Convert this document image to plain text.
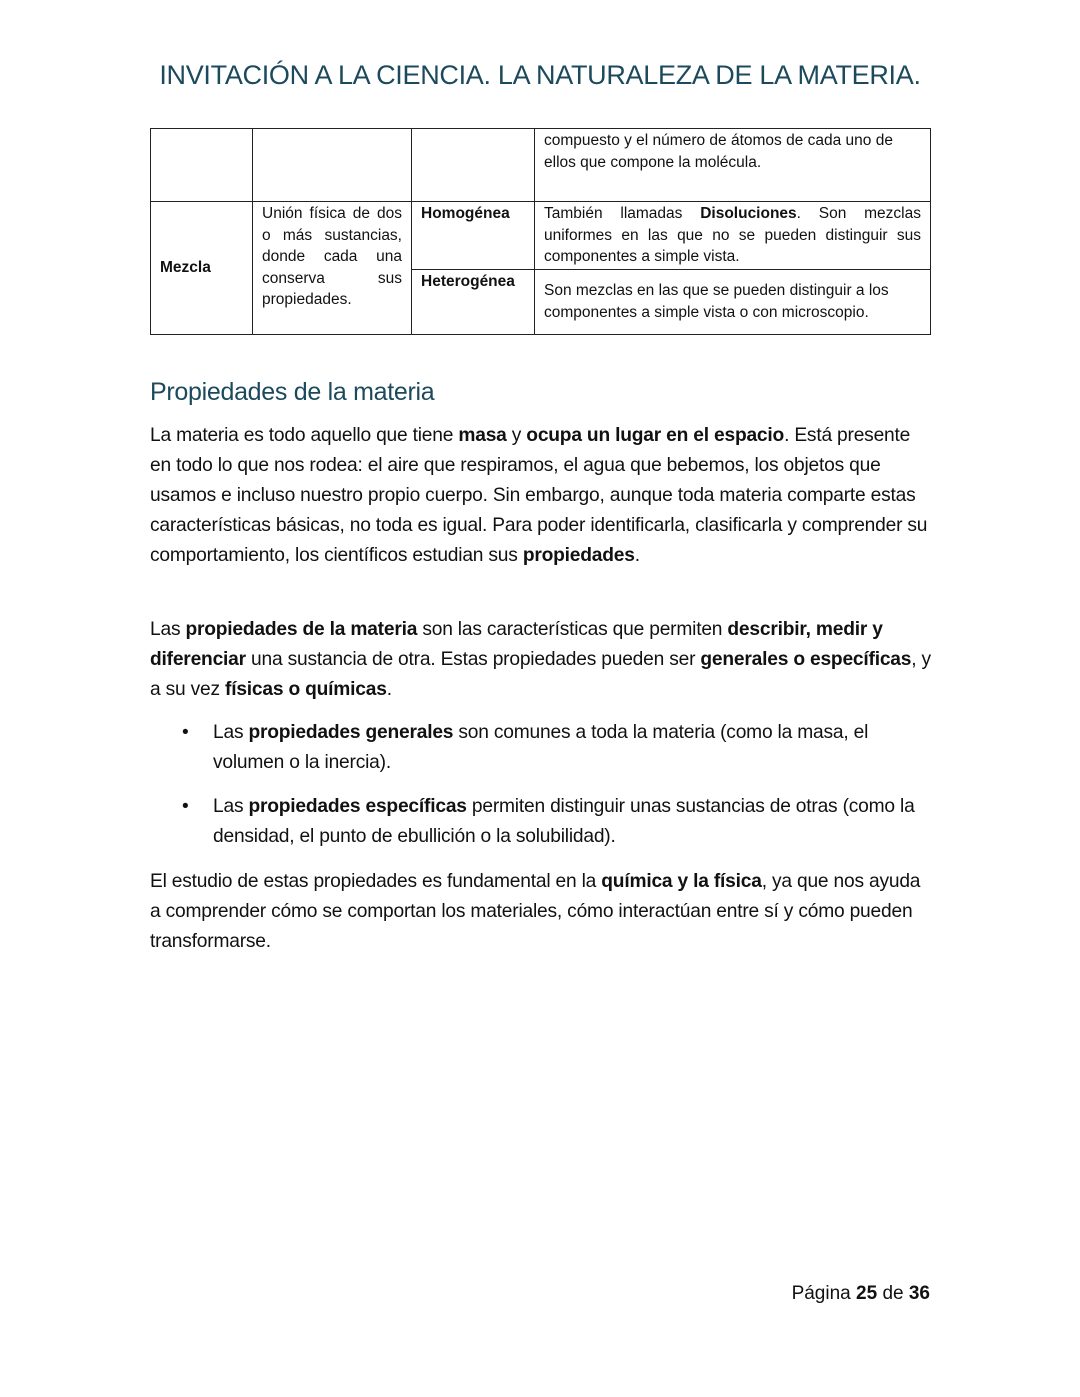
INVITACIÓN A LA CIENCIA. LA NATURALEZA DE LA MATERIA.
			compuesto y el número de átomos de cada uno de ellos que compone la molécula.
Mezcla	Unión física de dos o más sustancias, donde cada una conserva sus propiedades.	Homogénea	También llamadas Disoluciones. Son mezclas uniformes en las que no se pueden distinguir sus componentes a simple vista.
		Heterogénea	Son mezclas en las que se pueden distinguir a los componentes a simple vista o con microscopio.
Propiedades de la materia

La materia es todo aquello que tiene masa y ocupa un lugar en el espacio. Está presente en todo lo que nos rodea: el aire que respiramos, el agua que bebemos, los objetos que usamos e incluso nuestro propio cuerpo. Sin embargo, aunque toda materia comparte estas características básicas, no toda es igual. Para poder identificarla, clasificarla y comprender su comportamiento, los científicos estudian sus propiedades.

Las propiedades de la materia son las características que permiten describir, medir y diferenciar una sustancia de otra. Estas propiedades pueden ser generales o específicas, y a su vez físicas o químicas.

• Las propiedades generales son comunes a toda la materia (como la masa, el volumen o la inercia).
• Las propiedades específicas permiten distinguir unas sustancias de otras (como la densidad, el punto de ebullición o la solubilidad).

El estudio de estas propiedades es fundamental en la química y la física, ya que nos ayuda a comprender cómo se comportan los materiales, cómo interactúan entre sí y cómo pueden transformarse.

Página 25 de 36
